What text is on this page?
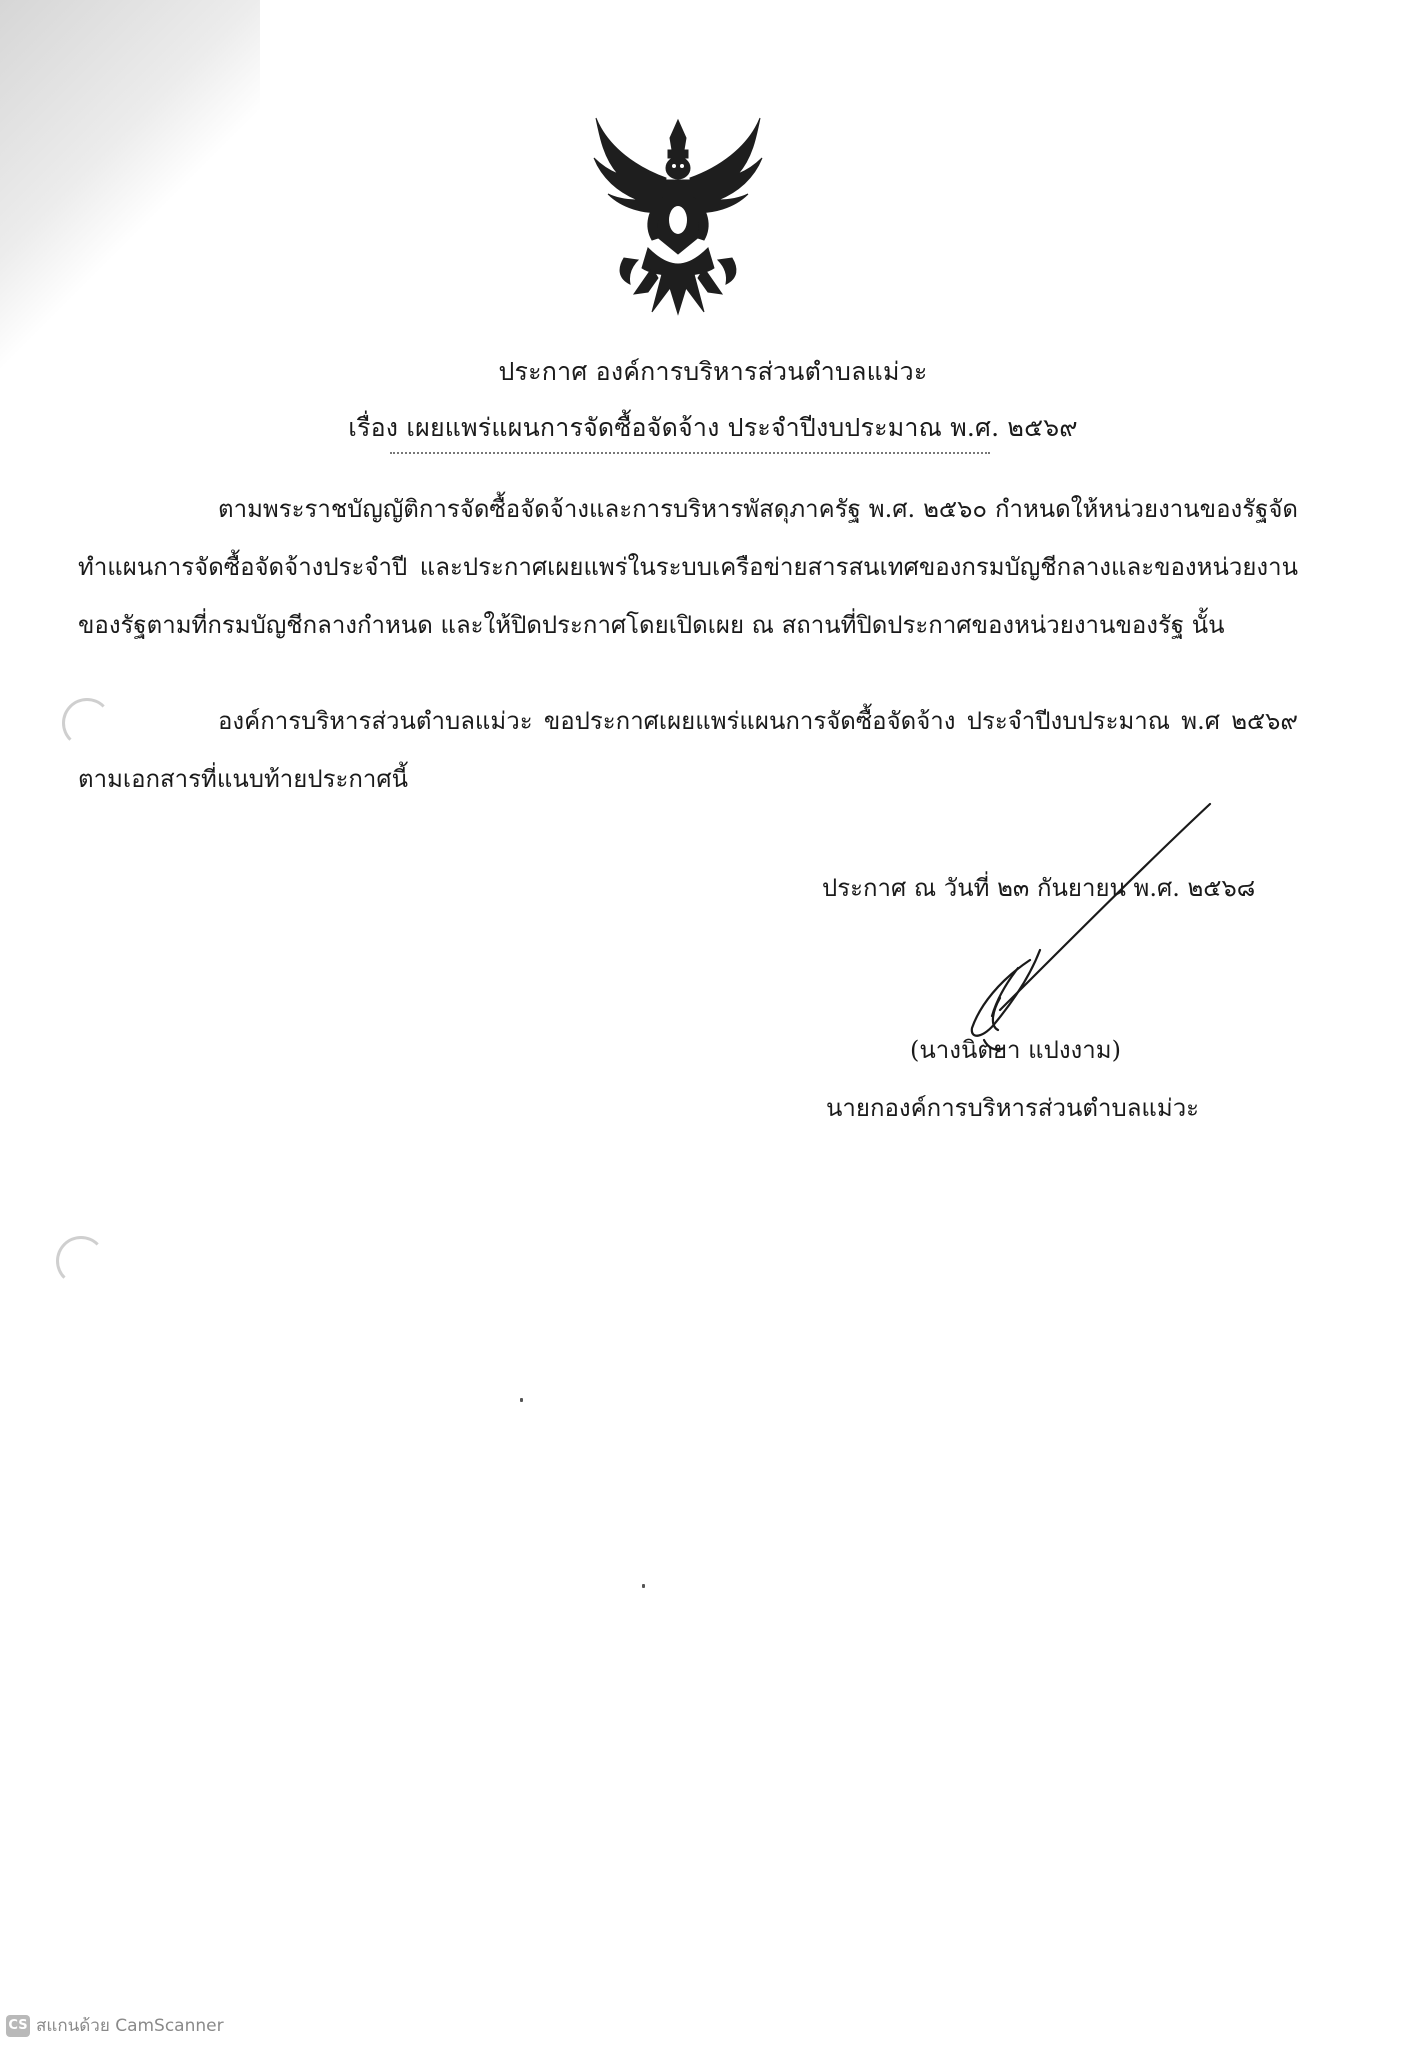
ประกาศ องค์การบริหารส่วนตำบลแม่วะ
เรื่อง เผยแพร่แผนการจัดซื้อจัดจ้าง ประจำปีงบประมาณ พ.ศ. ๒๕๖๙
ตามพระราชบัญญัติการจัดซื้อจัดจ้างและการบริหารพัสดุภาครัฐ พ.ศ. ๒๕๖๐ กำหนดให้หน่วยงานของรัฐจัดทำแผนการจัดซื้อจัดจ้างประจำปี และประกาศเผยแพร่ในระบบเครือข่ายสารสนเทศของกรมบัญชีกลางและของหน่วยงานของรัฐตามที่กรมบัญชีกลางกำหนด และให้ปิดประกาศโดยเปิดเผย ณ สถานที่ปิดประกาศของหน่วยงานของรัฐ นั้น
องค์การบริหารส่วนตำบลแม่วะ ขอประกาศเผยแพร่แผนการจัดซื้อจัดจ้าง ประจำปีงบประมาณ พ.ศ ๒๕๖๙ ตามเอกสารที่แนบท้ายประกาศนี้
ประกาศ ณ วันที่ ๒๓ กันยายน พ.ศ. ๒๕๖๘
(นางนิตยา แปงงาม)
นายกองค์การบริหารส่วนตำบลแม่วะ
CS สแกนด้วย CamScanner
